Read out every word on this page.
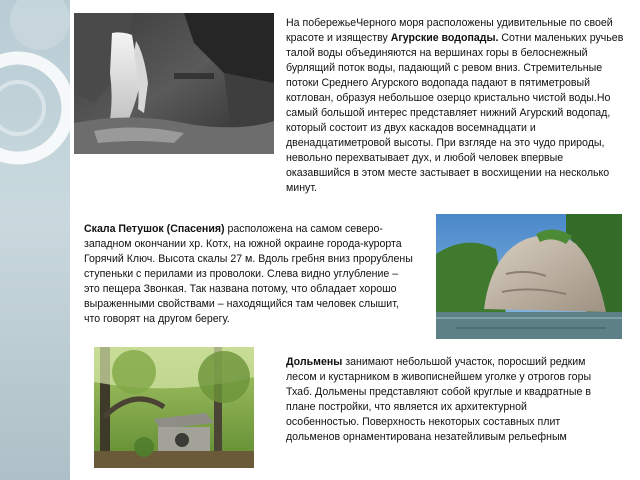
На побережьеЧерного моря расположены удивительные по своей красоте и изяществу Агурские водопады. Сотни маленьких ручьев талой воды объединяются на вершинах горы в белоснежный бурлящий поток воды, падающий с ревом вниз. Стремительные потоки Среднего Агурского водопада падают в пятиметровый котлован, образуя небольшое озерцо кристально чистой воды.Но самый большой интерес представляет нижний Агурский водопад, который состоит из двух каскадов восемнадцати и двенадцатиметровой высоты. При взгляде на это чудо природы, невольно перехватывает дух, и любой человек впервые оказавшийся в этом месте застывает в восхищении на несколько минут.
Скала Петушок (Спасения) расположена на самом северо-западном окончании хр. Котх, на южной окраине города-курорта Горячий Ключ. Высота скалы 27 м. Вдоль гребня вниз прорублены ступеньки с перилами из проволоки. Слева видно углубление – это пещера Звонкая. Так названа потому, что обладает хорошо выраженными свойствами – находящийся там человек слышит, что говорят на другом берегу.
Дольмены занимают небольшой участок, поросший редким лесом и кустарником в живописнейшем уголке у отрогов горы Тхаб. Дольмены представляют собой круглые и квадратные в плане постройки, что является их архитектурной особенностью. Поверхность некоторых составных плит дольменов орнаментирована незатейливым рельефным
